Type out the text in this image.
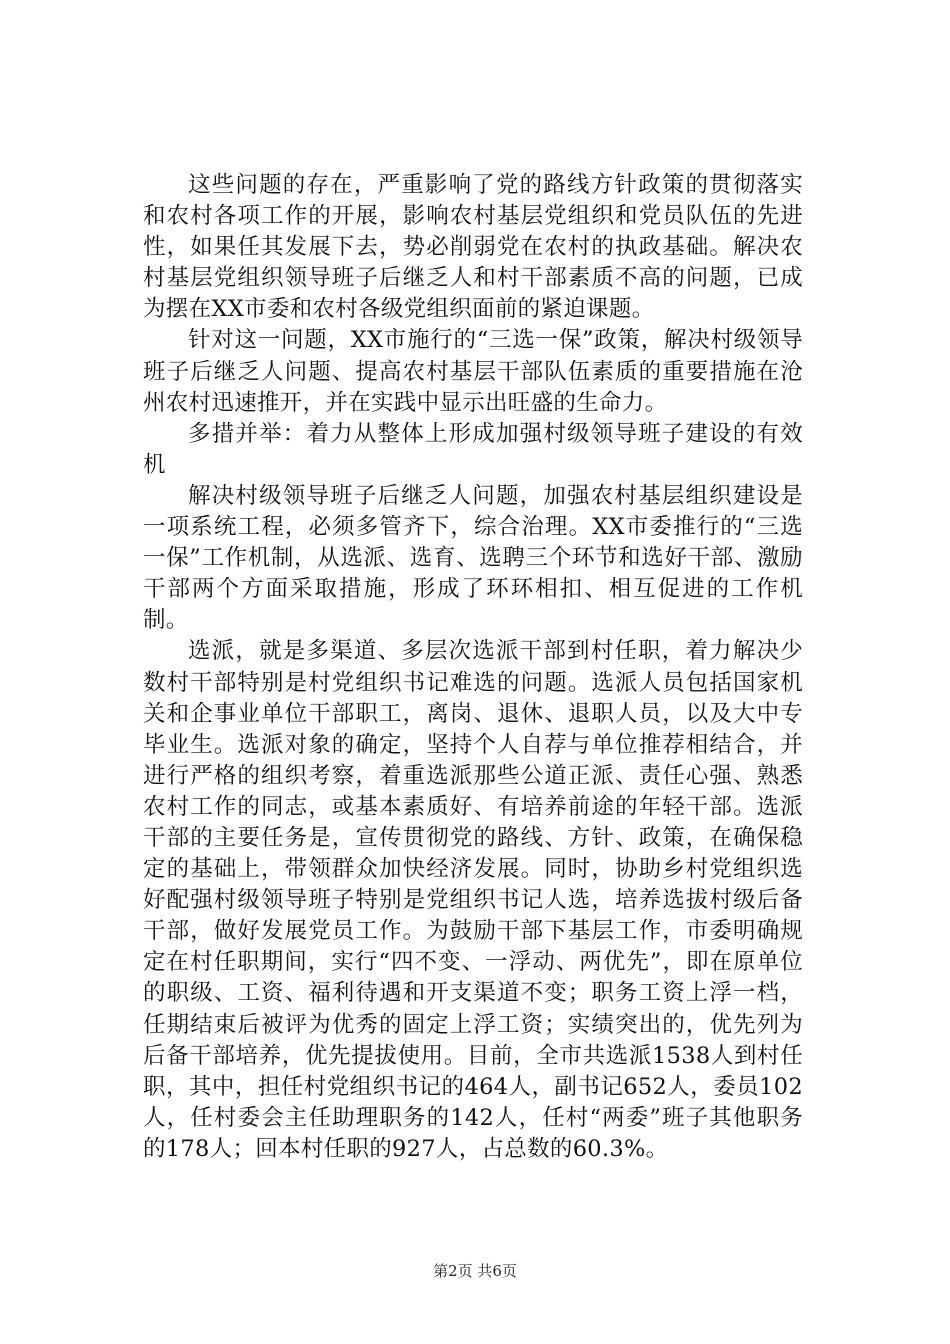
这些问题的存在，严重影响了党的路线方针政策的贯彻落实和农村各项工作的开展，影响农村基层党组织和党员队伍的先进性，如果任其发展下去，势必削弱党在农村的执政基础。解决农村基层党组织领导班子后继乏人和村干部素质不高的问题，已成为摆在XX市委和农村各级党组织面前的紧迫课题。

针对这一问题，XX市施行的“三选一保”政策，解决村级领导班子后继乏人问题、提高农村基层干部队伍素质的重要措施在沧州农村迅速推开，并在实践中显示出旺盛的生命力。

多措并举：着力从整体上形成加强村级领导班子建设的有效机

解决村级领导班子后继乏人问题，加强农村基层组织建设是一项系统工程，必须多管齐下，综合治理。XX市委推行的“三选一保”工作机制，从选派、选育、选聘三个环节和选好干部、激励干部两个方面采取措施，形成了环环相扣、相互促进的工作机制。

选派，就是多渠道、多层次选派干部到村任职，着力解决少数村干部特别是村党组织书记难选的问题。选派人员包括国家机关和企事业单位干部职工，离岗、退休、退职人员，以及大中专毕业生。选派对象的确定，坚持个人自荐与单位推荐相结合，并进行严格的组织考察，着重选派那些公道正派、责任心强、熟悉农村工作的同志，或基本素质好、有培养前途的年轻干部。选派干部的主要任务是，宣传贯彻党的路线、方针、政策，在确保稳定的基础上，带领群众加快经济发展。同时，协助乡村党组织选好配强村级领导班子特别是党组织书记人选，培养选拔村级后备干部，做好发展党员工作。为鼓励干部下基层工作，市委明确规定在村任职期间，实行“四不变、一浮动、两优先”，即在原单位的职级、工资、福利待遇和开支渠道不变；职务工资上浮一档，任期结束后被评为优秀的固定上浮工资；实绩突出的，优先列为后备干部培养，优先提拔使用。目前，全市共选派1538人到村任职，其中，担任村党组织书记的464人，副书记652人，委员102人，任村委会主任助理职务的142人，任村“两委”班子其他职务的178人；回本村任职的927人，占总数的60.3%。

第2页 共6页
